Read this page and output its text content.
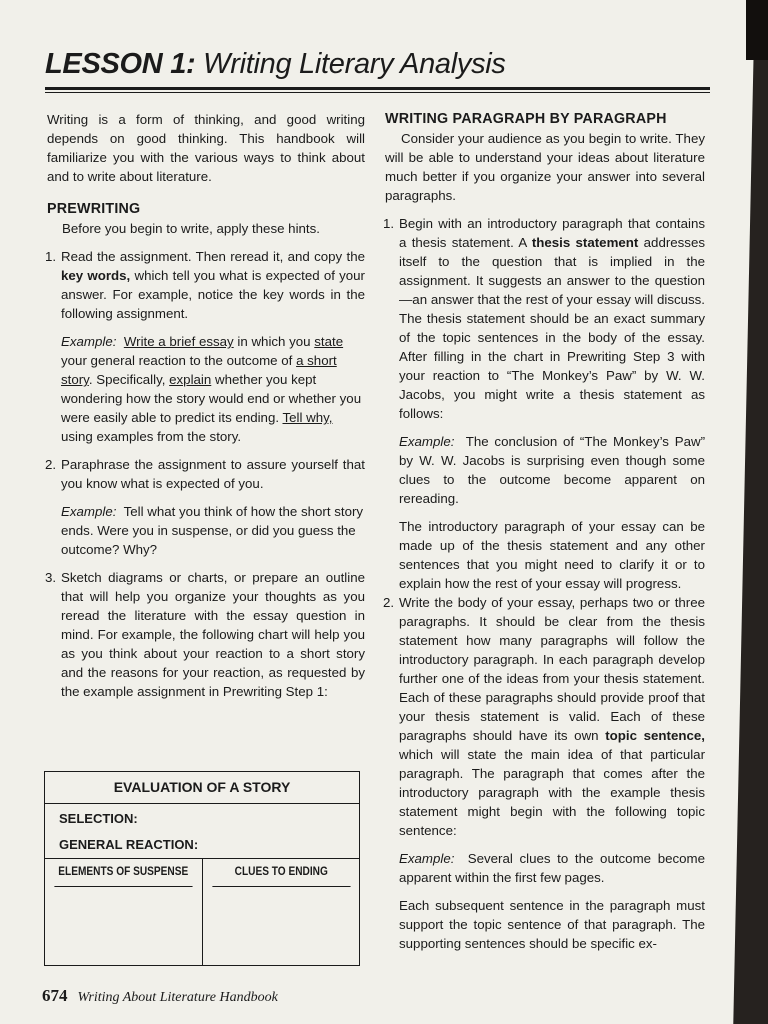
LESSON 1: Writing Literary Analysis

Writing is a form of thinking, and good writing depends on good thinking. This handbook will familiarize you with the various ways to think about and to write about literature.

PREWRITING

Before you begin to write, apply these hints.

1. Read the assignment. Then reread it, and copy the key words, which tell you what is expected of your answer. For example, notice the key words in the following assignment.

Example: Write a brief essay in which you state your general reaction to the outcome of a short story. Specifically, explain whether you kept wondering how the story would end or whether you were easily able to predict its ending. Tell why, using examples from the story.

2. Paraphrase the assignment to assure yourself that you know what is expected of you.

Example: Tell what you think of how the short story ends. Were you in suspense, or did you guess the outcome? Why?

3. Sketch diagrams or charts, or prepare an outline that will help you organize your thoughts as you reread the literature with the essay question in mind. For example, the following chart will help you as you think about your reaction to a short story and the reasons for your reaction, as requested by the example assignment in Prewriting Step 1:
EVALUATION OF A STORY
SELECTION:
GENERAL REACTION:
ELEMENTS OF SUSPENSE	CLUES TO ENDING
WRITING PARAGRAPH BY PARAGRAPH

Consider your audience as you begin to write. They will be able to understand your ideas about literature much better if you organize your answer into several paragraphs.

1. Begin with an introductory paragraph that contains a thesis statement. A thesis statement addresses itself to the question that is implied in the assignment. It suggests an answer to the question—an answer that the rest of your essay will discuss. The thesis statement should be an exact summary of the topic sentences in the body of the essay. After filling in the chart in Prewriting Step 3 with your reaction to “The Monkey’s Paw” by W. W. Jacobs, you might write a thesis statement as follows:

Example: The conclusion of “The Monkey’s Paw” by W. W. Jacobs is surprising even though some clues to the outcome become apparent on rereading.

The introductory paragraph of your essay can be made up of the thesis statement and any other sentences that you might need to clarify it or to explain how the rest of your essay will progress.

2. Write the body of your essay, perhaps two or three paragraphs. It should be clear from the thesis statement how many paragraphs will follow the introductory paragraph. In each paragraph develop further one of the ideas from your thesis statement. Each of these paragraphs should provide proof that your thesis statement is valid. Each of these paragraphs should have its own topic sentence, which will state the main idea of that particular paragraph. The paragraph that comes after the introductory paragraph with the example thesis statement might begin with the following topic sentence:

Example: Several clues to the outcome become apparent within the first few pages.

Each subsequent sentence in the paragraph must support the topic sentence of that paragraph. The supporting sentences should be specific ex-

674 Writing About Literature Handbook
